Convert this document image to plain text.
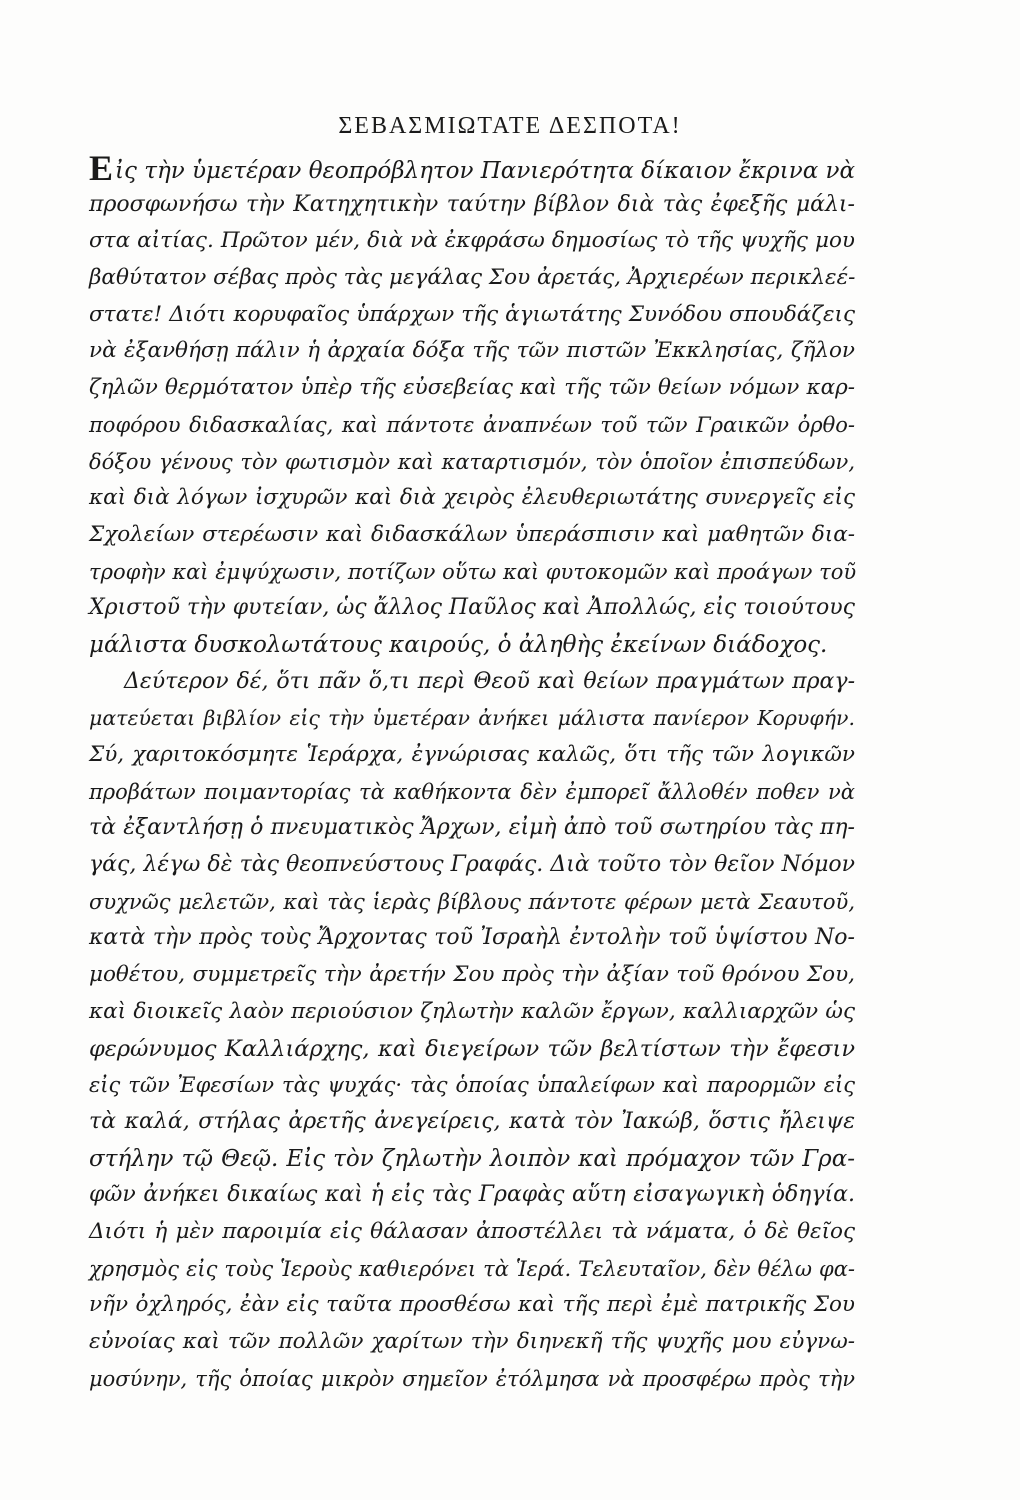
ΣΕΒΑΣΜΙΩΤΑΤΕ ΔΕΣΠΟΤΑ!
Εἰς τὴν ὑμετέραν θεοπρόβλητον Πανιερότητα δίκαιον ἔκρινα νὰ
προσφωνήσω τὴν Κατηχητικὴν ταύτην βίβλον διὰ τὰς ἐφεξῆς μάλι-
στα αἰτίας. Πρῶτον μέν, διὰ νὰ ἐκφράσω δημοσίως τὸ τῆς ψυχῆς μου
βαθύτατον σέβας πρὸς τὰς μεγάλας Σου ἀρετάς, Ἀρχιερέων περικλεέ-
στατε! Διότι κορυφαῖος ὑπάρχων τῆς ἁγιωτάτης Συνόδου σπουδάζεις
νὰ ἐξανθήσῃ πάλιν ἡ ἀρχαία δόξα τῆς τῶν πιστῶν Ἐκκλησίας, ζῆλον
ζηλῶν θερμότατον ὑπὲρ τῆς εὐσεβείας καὶ τῆς τῶν θείων νόμων καρ-
ποφόρου διδασκαλίας, καὶ πάντοτε ἀναπνέων τοῦ τῶν Γραικῶν ὀρθο-
δόξου γένους τὸν φωτισμὸν καὶ καταρτισμόν, τὸν ὁποῖον ἐπισπεύδων,
καὶ διὰ λόγων ἰσχυρῶν καὶ διὰ χειρὸς ἐλευθεριωτάτης συνεργεῖς εἰς
Σχολείων στερέωσιν καὶ διδασκάλων ὑπεράσπισιν καὶ μαθητῶν δια-
τροφὴν καὶ ἐμψύχωσιν, ποτίζων οὕτω καὶ φυτοκομῶν καὶ προάγων τοῦ
Χριστοῦ τὴν φυτείαν, ὡς ἄλλος Παῦλος καὶ Ἀπολλώς, εἰς τοιούτους
μάλιστα δυσκολωτάτους καιρούς, ὁ ἀληθὴς ἐκείνων διάδοχος.
Δεύτερον δέ, ὅτι πᾶν ὅ,τι περὶ Θεοῦ καὶ θείων πραγμάτων πραγ-
ματεύεται βιβλίον εἰς τὴν ὑμετέραν ἀνήκει μάλιστα πανίερον Κορυφήν.
Σύ, χαριτοκόσμητε Ἱεράρχα, ἐγνώρισας καλῶς, ὅτι τῆς τῶν λογικῶν
προβάτων ποιμαντορίας τὰ καθήκοντα δὲν ἐμπορεῖ ἄλλοθέν ποθεν νὰ
τὰ ἐξαντλήσῃ ὁ πνευματικὸς Ἄρχων, εἰμὴ ἀπὸ τοῦ σωτηρίου τὰς πη-
γάς, λέγω δὲ τὰς θεοπνεύστους Γραφάς. Διὰ τοῦτο τὸν θεῖον Νόμον
συχνῶς μελετῶν, καὶ τὰς ἱερὰς βίβλους πάντοτε φέρων μετὰ Σεαυτοῦ,
κατὰ τὴν πρὸς τοὺς Ἄρχοντας τοῦ Ἰσραὴλ ἐντολὴν τοῦ ὑψίστου Νο-
μοθέτου, συμμετρεῖς τὴν ἀρετήν Σου πρὸς τὴν ἀξίαν τοῦ θρόνου Σου,
καὶ διοικεῖς λαὸν περιούσιον ζηλωτὴν καλῶν ἔργων, καλλιαρχῶν ὡς
φερώνυμος Καλλιάρχης, καὶ διεγείρων τῶν βελτίστων τὴν ἔφεσιν
εἰς τῶν Ἐφεσίων τὰς ψυχάς· τὰς ὁποίας ὑπαλείφων καὶ παρορμῶν εἰς
τὰ καλά, στήλας ἀρετῆς ἀνεγείρεις, κατὰ τὸν Ἰακώβ, ὅστις ἤλειψε
στήλην τῷ Θεῷ. Εἰς τὸν ζηλωτὴν λοιπὸν καὶ πρόμαχον τῶν Γρα-
φῶν ἀνήκει δικαίως καὶ ἡ εἰς τὰς Γραφὰς αὕτη εἰσαγωγικὴ ὁδηγία.
Διότι ἡ μὲν παροιμία εἰς θάλασαν ἀποστέλλει τὰ νάματα, ὁ δὲ θεῖος
χρησμὸς εἰς τοὺς Ἱεροὺς καθιερόνει τὰ Ἱερά. Τελευταῖον, δὲν θέλω φα-
νῆν ὀχληρός, ἐὰν εἰς ταῦτα προσθέσω καὶ τῆς περὶ ἐμὲ πατρικῆς Σου
εὐνοίας καὶ τῶν πολλῶν χαρίτων τὴν διηνεκῆ τῆς ψυχῆς μου εὐγνω-
μοσύνην, τῆς ὁποίας μικρὸν σημεῖον ἐτόλμησα νὰ προσφέρω πρὸς τὴν
